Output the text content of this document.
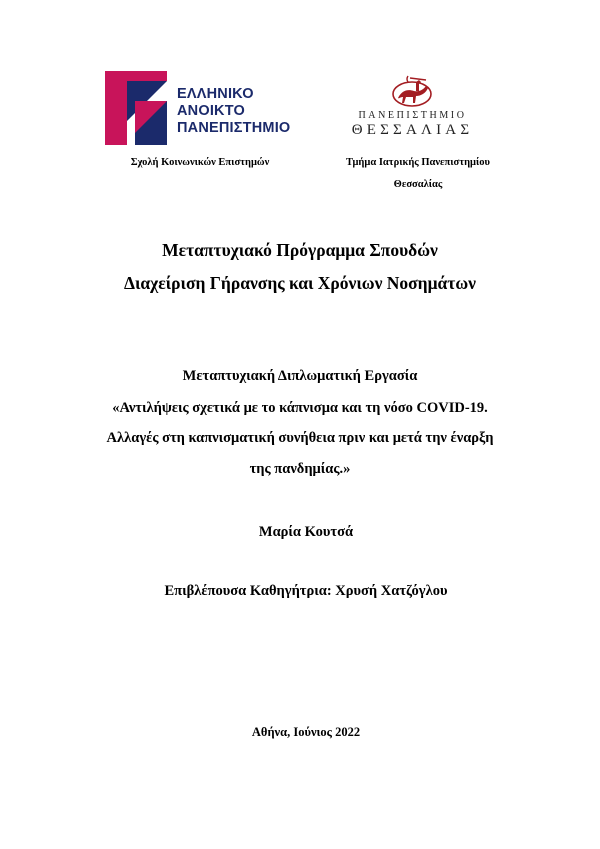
ΕΛΛΗΝΙΚΟ
ΑΝΟΙΚΤΟ
ΠΑΝΕΠΙΣΤΗΜΙΟ
ΠΑΝΕΠΙΣΤΗΜΙΟ
ΘΕΣΣΑΛΙΑΣ
Σχολή Κοινωνικών Επιστημών	Τμήμα Ιατρικής Πανεπιστημίου
Θεσσαλίας
Μεταπτυχιακό Πρόγραμμα Σπουδών
Διαχείριση Γήρανσης και Χρόνιων Νοσημάτων
Μεταπτυχιακή Διπλωματική Εργασία
«Αντιλήψεις σχετικά με το κάπνισμα και τη νόσο COVID-19.
Αλλαγές στη καπνισματική συνήθεια πριν και μετά την έναρξη
της πανδημίας.»
Μαρία Κουτσά
Επιβλέπουσα Καθηγήτρια: Χρυσή Χατζόγλου
Αθήνα, Ιούνιος 2022
